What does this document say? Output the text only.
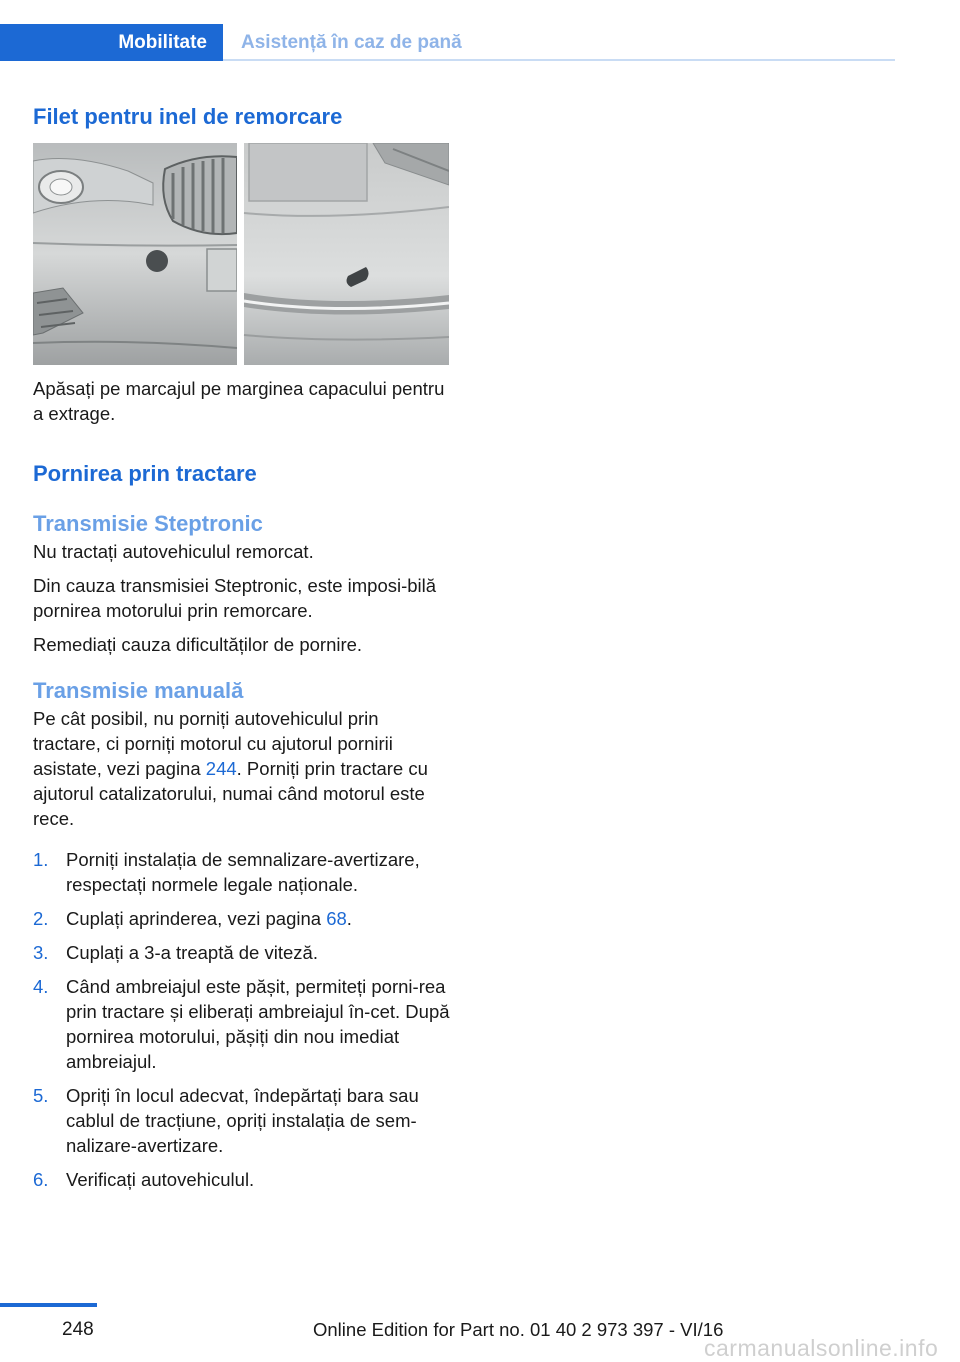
Mobilitate Asistență în caz de pană
Filet pentru inel de remorcare

Apăsați pe marcajul pe marginea capacului pentru a extrage.

Pornirea prin tractare
Transmisie Steptronic

Nu tractați autovehiculul remorcat.

Din cauza transmisiei Steptronic, este imposi-bilă pornirea motorului prin remorcare.

Remediați cauza dificultăților de pornire.

Transmisie manuală

Pe cât posibil, nu porniți autovehiculul prin tractare, ci porniți motorul cu ajutorul pornirii asistate, vezi pagina 244. Porniți prin tractare cu ajutorul catalizatorului, numai când motorul este rece.

1. Porniți instalația de semnalizare-avertizare, respectați normele legale naționale.
2. Cuplați aprinderea, vezi pagina 68.
3. Cuplați a 3-a treaptă de viteză.
4. Când ambreiajul este pășit, permiteți porni-rea prin tractare și eliberați ambreiajul în-cet. După pornirea motorului, pășiți din nou imediat ambreiajul.
5. Opriți în locul adecvat, îndepărtați bara sau cablul de tracțiune, opriți instalația de sem-nalizare-avertizare.
6. Verificați autovehiculul.
248	Online Edition for Part no. 01 40 2 973 397 - VI/16
carmanualsonline.info
